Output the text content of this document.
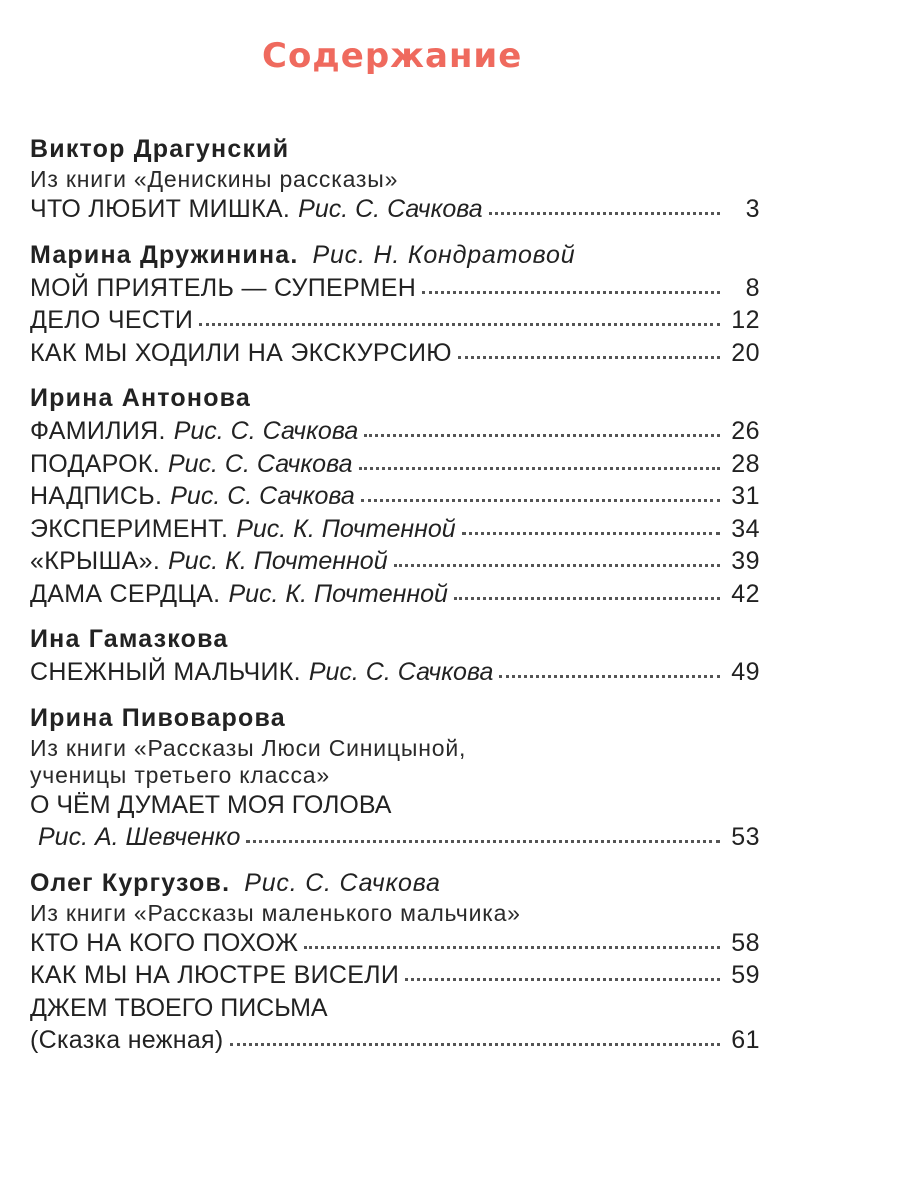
Содержание
Виктор Драгунский
Из книги «Денискины рассказы»
ЧТО ЛЮБИТ МИШКА. Рис. С. Сачкова	3
Марина Дружинина. Рис. Н. Кондратовой
МОЙ ПРИЯТЕЛЬ — СУПЕРМЕН	8
ДЕЛО ЧЕСТИ	12
КАК МЫ ХОДИЛИ НА ЭКСКУРСИЮ	20
Ирина Антонова
ФАМИЛИЯ. Рис. С. Сачкова	26
ПОДАРОК. Рис. С. Сачкова	28
НАДПИСЬ. Рис. С. Сачкова	31
ЭКСПЕРИМЕНТ. Рис. К. Почтенной	34
«КРЫША». Рис. К. Почтенной	39
ДАМА СЕРДЦА. Рис. К. Почтенной	42
Ина Гамазкова
СНЕЖНЫЙ МАЛЬЧИК. Рис. С. Сачкова	49
Ирина Пивоварова
Из книги «Рассказы Люси Синицыной,
ученицы третьего класса»
О ЧЁМ ДУМАЕТ МОЯ ГОЛОВА
Рис. А. Шевченко	53
Олег Кургузов. Рис. С. Сачкова
Из книги «Рассказы маленького мальчика»
КТО НА КОГО ПОХОЖ	58
КАК МЫ НА ЛЮСТРЕ ВИСЕЛИ	59
ДЖЕМ ТВОЕГО ПИСЬМА
(Сказка нежная)	61
